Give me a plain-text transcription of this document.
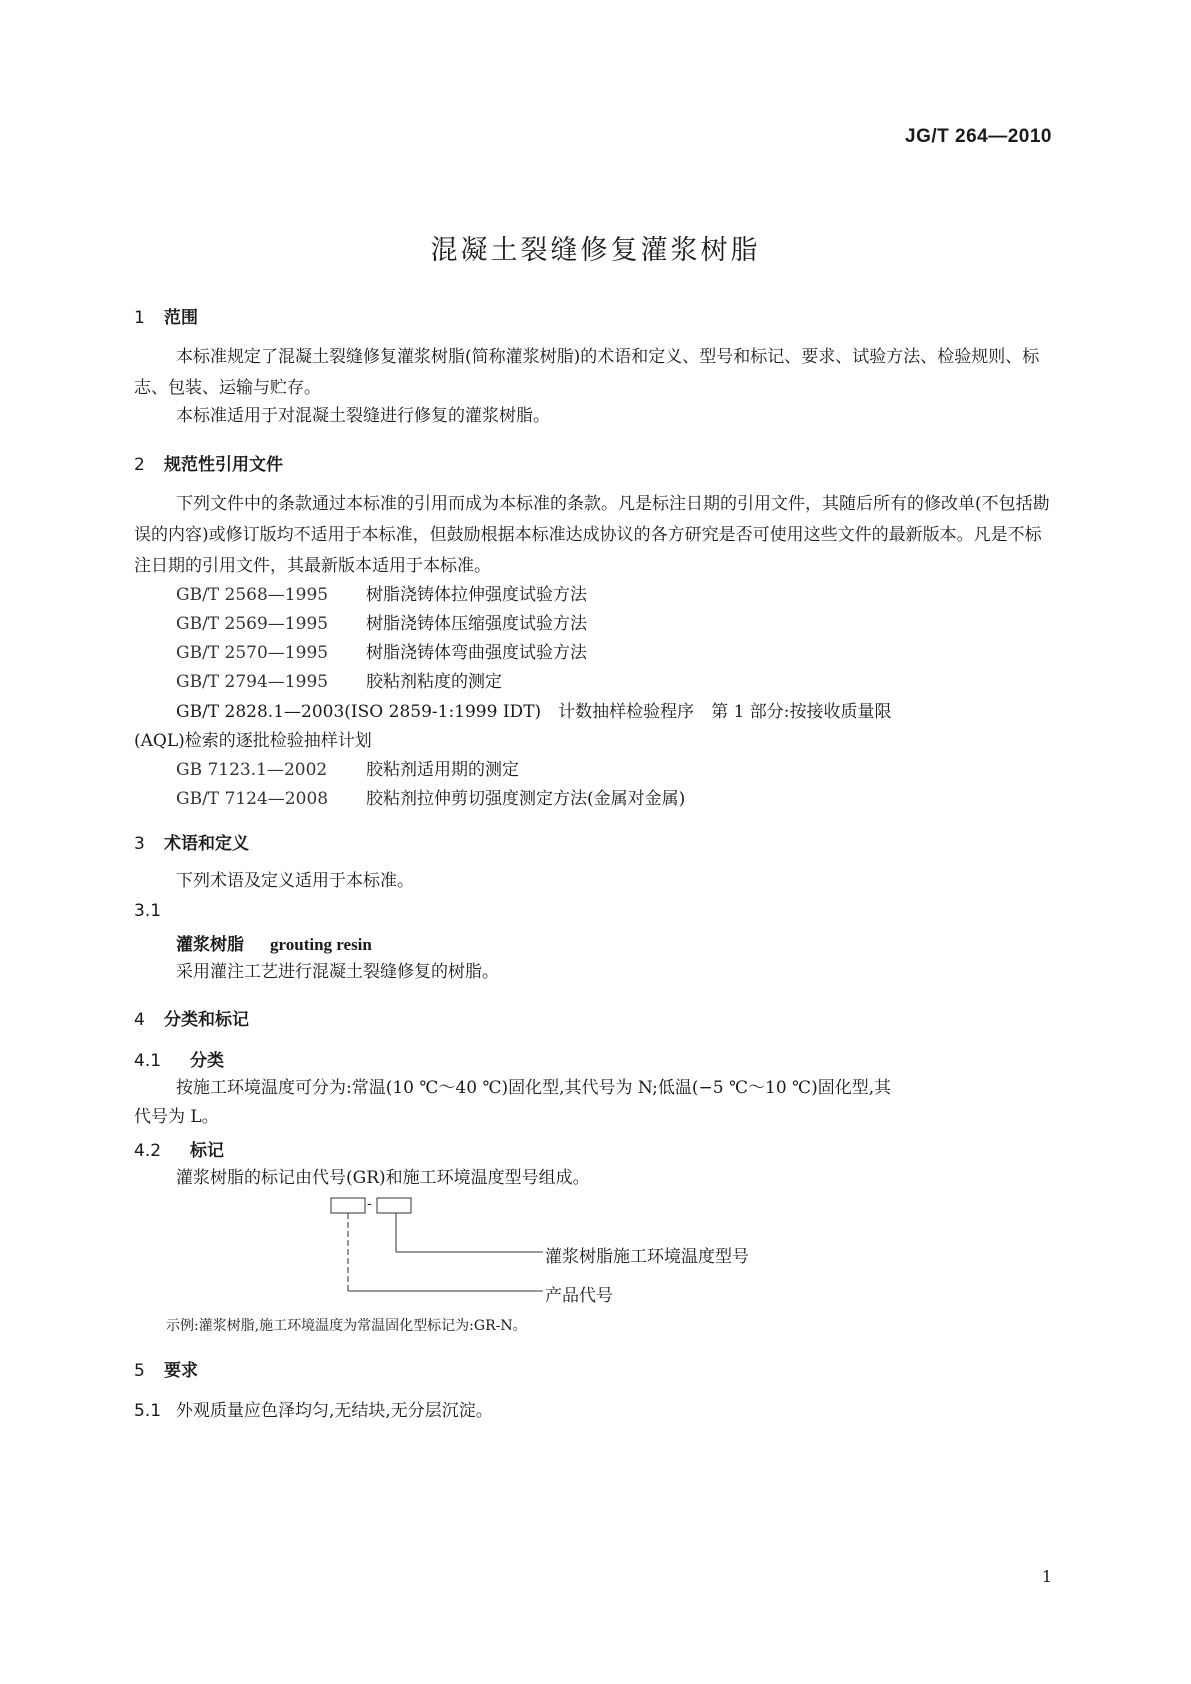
JG/T 264—2010
混凝土裂缝修复灌浆树脂
1 范围
本标准规定了混凝土裂缝修复灌浆树脂(简称灌浆树脂)的术语和定义、型号和标记、要求、试验方法、检验规则、标志、包装、运输与贮存。
本标准适用于对混凝土裂缝进行修复的灌浆树脂。
2 规范性引用文件
下列文件中的条款通过本标准的引用而成为本标准的条款。凡是标注日期的引用文件，其随后所有的修改单(不包括勘误的内容)或修订版均不适用于本标准，但鼓励根据本标准达成协议的各方研究是否可使用这些文件的最新版本。凡是不标注日期的引用文件，其最新版本适用于本标准。
GB/T 2568—1995 树脂浇铸体拉伸强度试验方法
GB/T 2569—1995 树脂浇铸体压缩强度试验方法
GB/T 2570—1995 树脂浇铸体弯曲强度试验方法
GB/T 2794—1995 胶粘剂粘度的测定
GB/T 2828.1—2003(ISO 2859-1:1999 IDT)　计数抽样检验程序　第 1 部分:按接收质量限
(AQL)检索的逐批检验抽样计划
GB 7123.1—2002 胶粘剂适用期的测定
GB/T 7124—2008 胶粘剂拉伸剪切强度测定方法(金属对金属)
3 术语和定义
下列术语及定义适用于本标准。
3.1
灌浆树脂 grouting resin
采用灌注工艺进行混凝土裂缝修复的树脂。
4 分类和标记
4.1 分类
按施工环境温度可分为:常温(10 ℃～40 ℃)固化型,其代号为 N;低温(−5 ℃～10 ℃)固化型,其
代号为 L。
4.2 标记
灌浆树脂的标记由代号(GR)和施工环境温度型号组成。
-
灌浆树脂施工环境温度型号
产品代号
示例:灌浆树脂,施工环境温度为常温固化型标记为:GR-N。
5 要求
5.1 外观质量应色泽均匀,无结块,无分层沉淀。
1
